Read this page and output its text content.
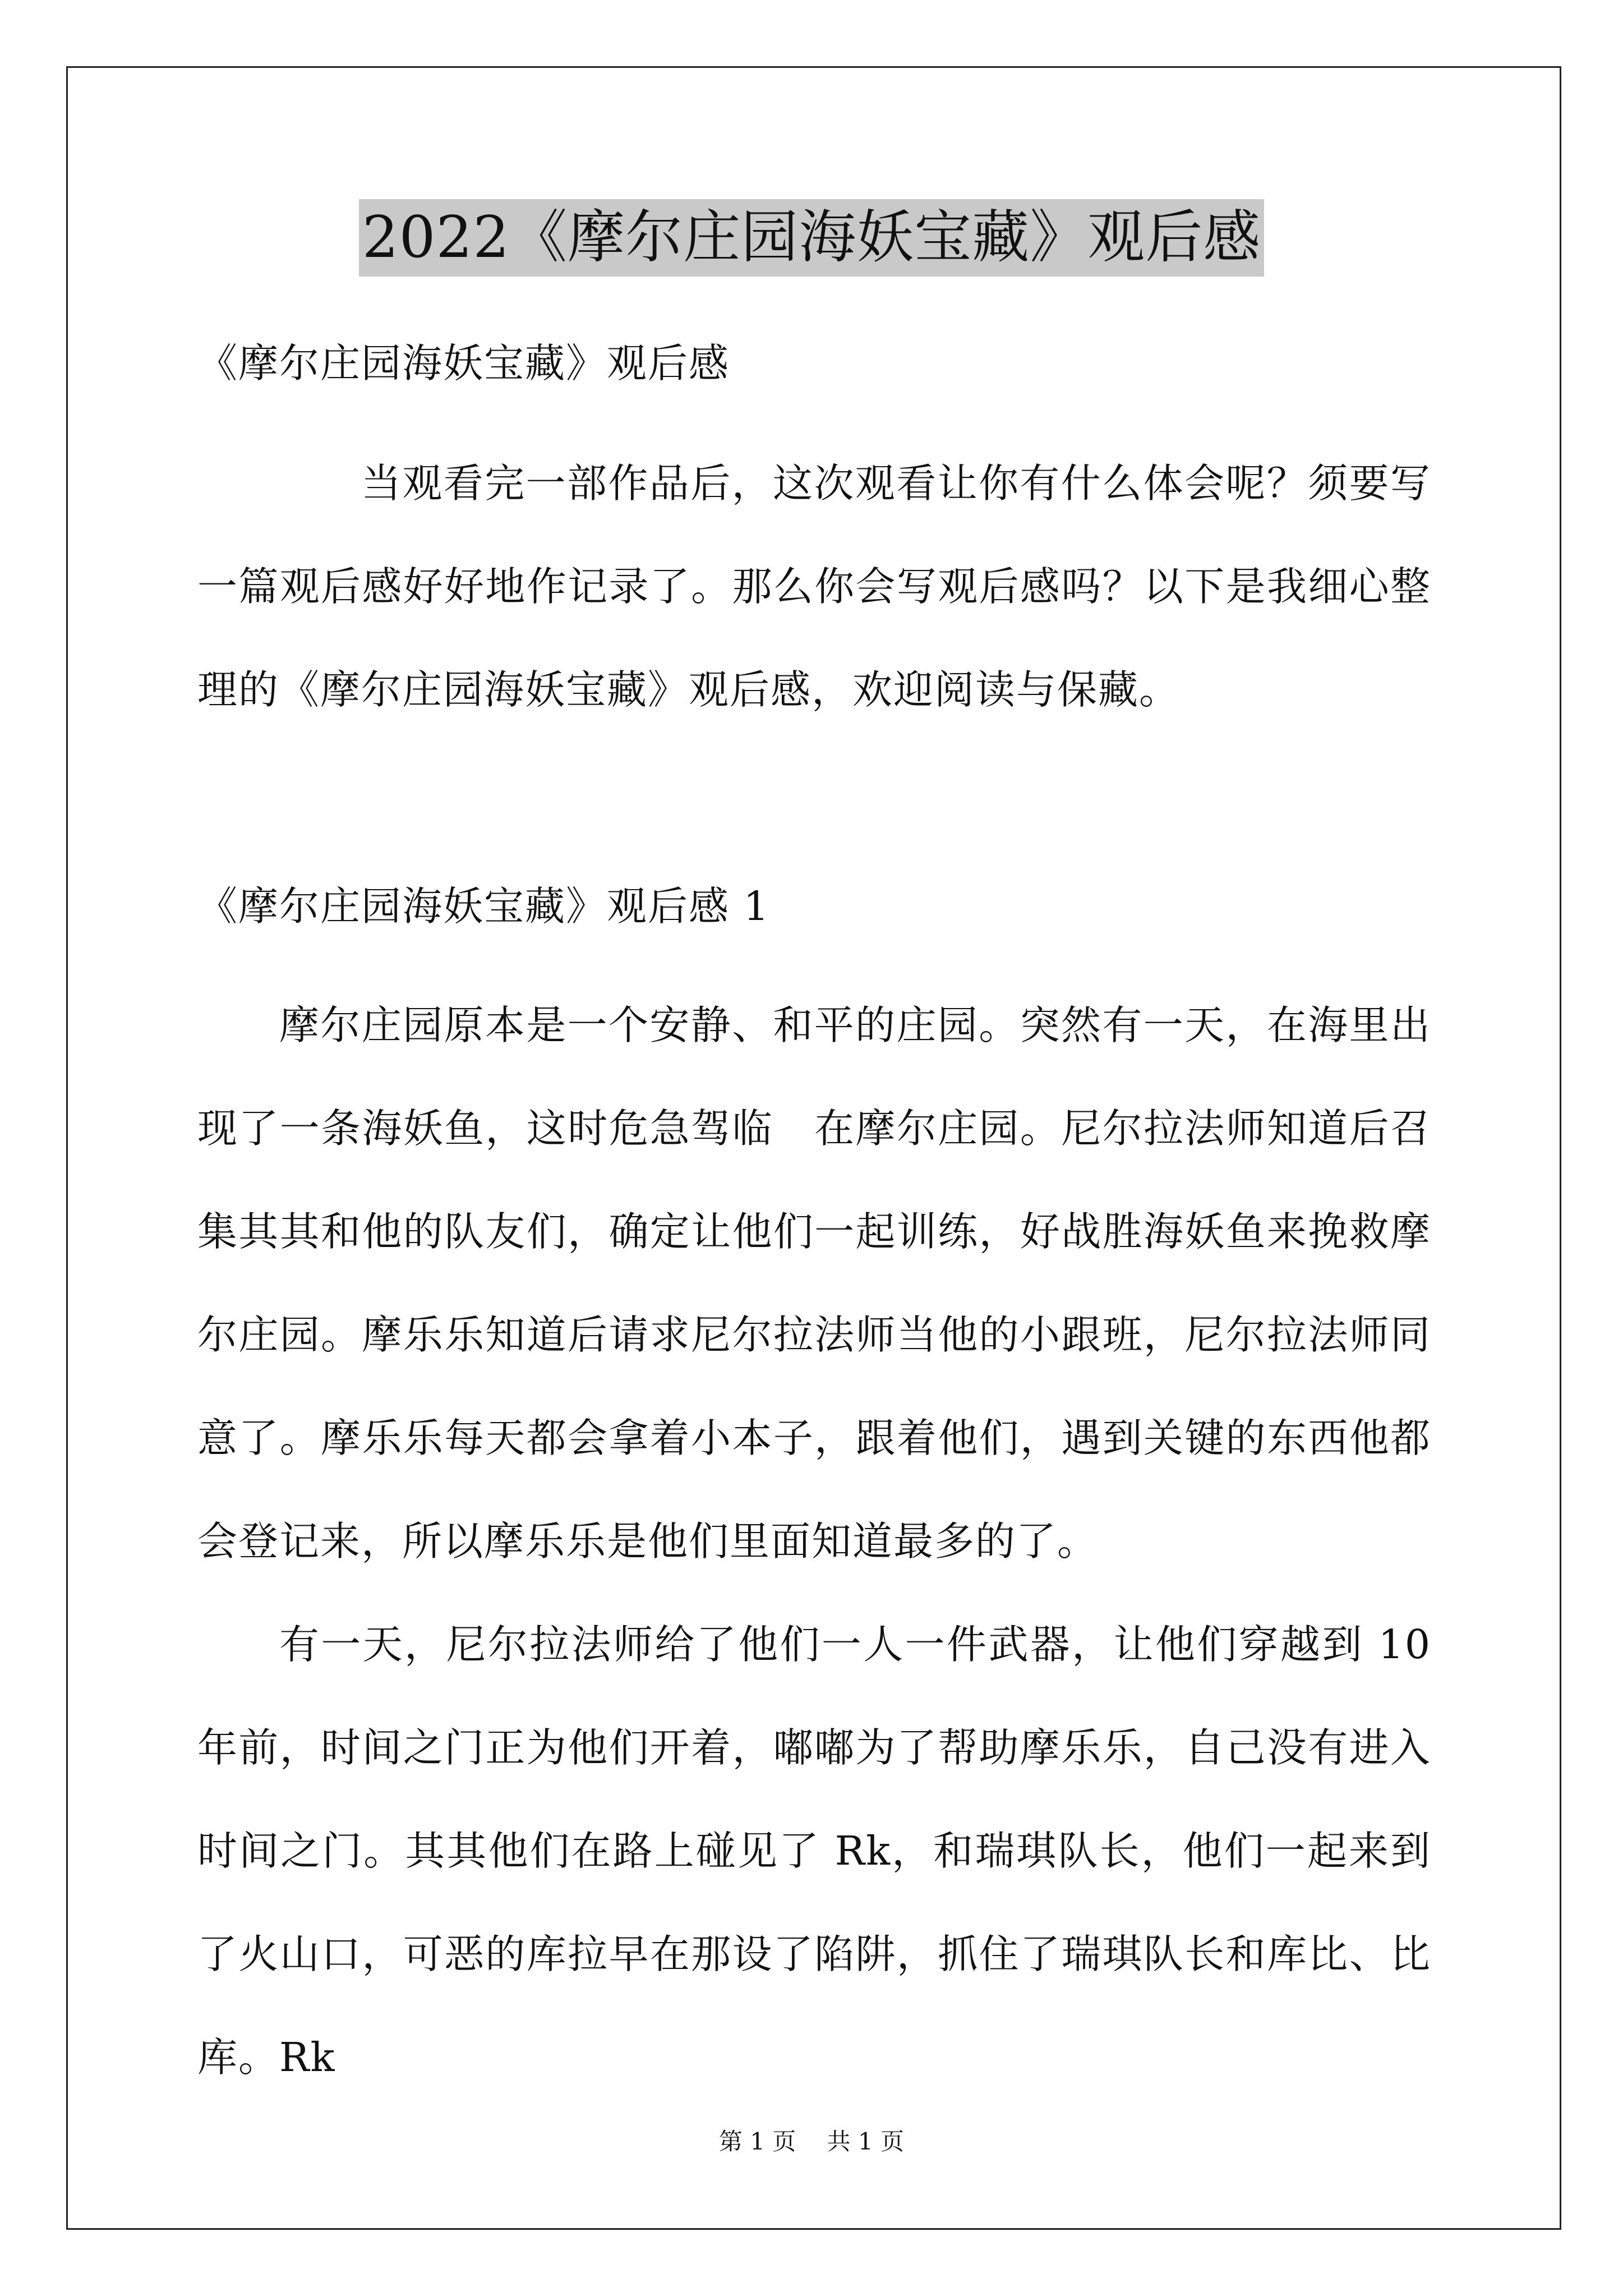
2022《摩尔庄园海妖宝藏》观后感

《摩尔庄园海妖宝藏》观后感

当观看完一部作品后，这次观看让你有什么体会呢？须要写一篇观后感好好地作记录了。那么你会写观后感吗？以下是我细心整理的《摩尔庄园海妖宝藏》观后感，欢迎阅读与保藏。

《摩尔庄园海妖宝藏》观后感 1

摩尔庄园原本是一个安静、和平的庄园。突然有一天，在海里出现了一条海妖鱼，这时危急驾临　在摩尔庄园。尼尔拉法师知道后召集其其和他的队友们，确定让他们一起训练，好战胜海妖鱼来挽救摩尔庄园。摩乐乐知道后请求尼尔拉法师当他的小跟班，尼尔拉法师同意了。摩乐乐每天都会拿着小本子，跟着他们，遇到关键的东西他都会登记来，所以摩乐乐是他们里面知道最多的了。

有一天，尼尔拉法师给了他们一人一件武器，让他们穿越到 10 年前，时间之门正为他们开着，嘟嘟为了帮助摩乐乐，自己没有进入时间之门。其其他们在路上碰见了 Rk，和瑞琪队长，他们一起来到了火山口，可恶的库拉早在那设了陷阱，抓住了瑞琪队长和库比、比库。Rk

第 1 页　 共 1 页
